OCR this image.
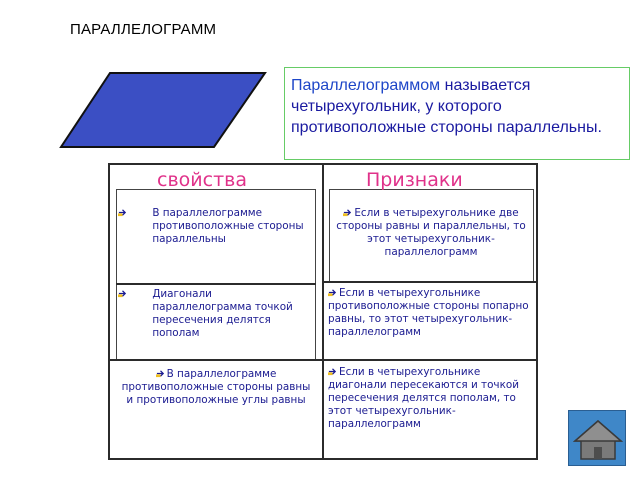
ПАРАЛЛЕЛОГРАММ
Параллелограммом называется четырехугольник, у которого противоположные стороны параллельны.
свойства	Признаки
В параллелограмме противоположные стороны параллельны
Диагонали параллелограмма точкой пересечения делятся пополам
В параллелограмме противоположные стороны равны и противоположные углы равны
Если в четырехугольнике две стороны равны и параллельны, то этот четырехугольник-параллелограмм
Если в четырехугольнике противоположные стороны попарно равны, то этот четырехугольник-параллелограмм
Если в четырехугольнике диагонали пересекаются и точкой пересечения делятся пополам, то этот четырехугольник-параллелограмм
